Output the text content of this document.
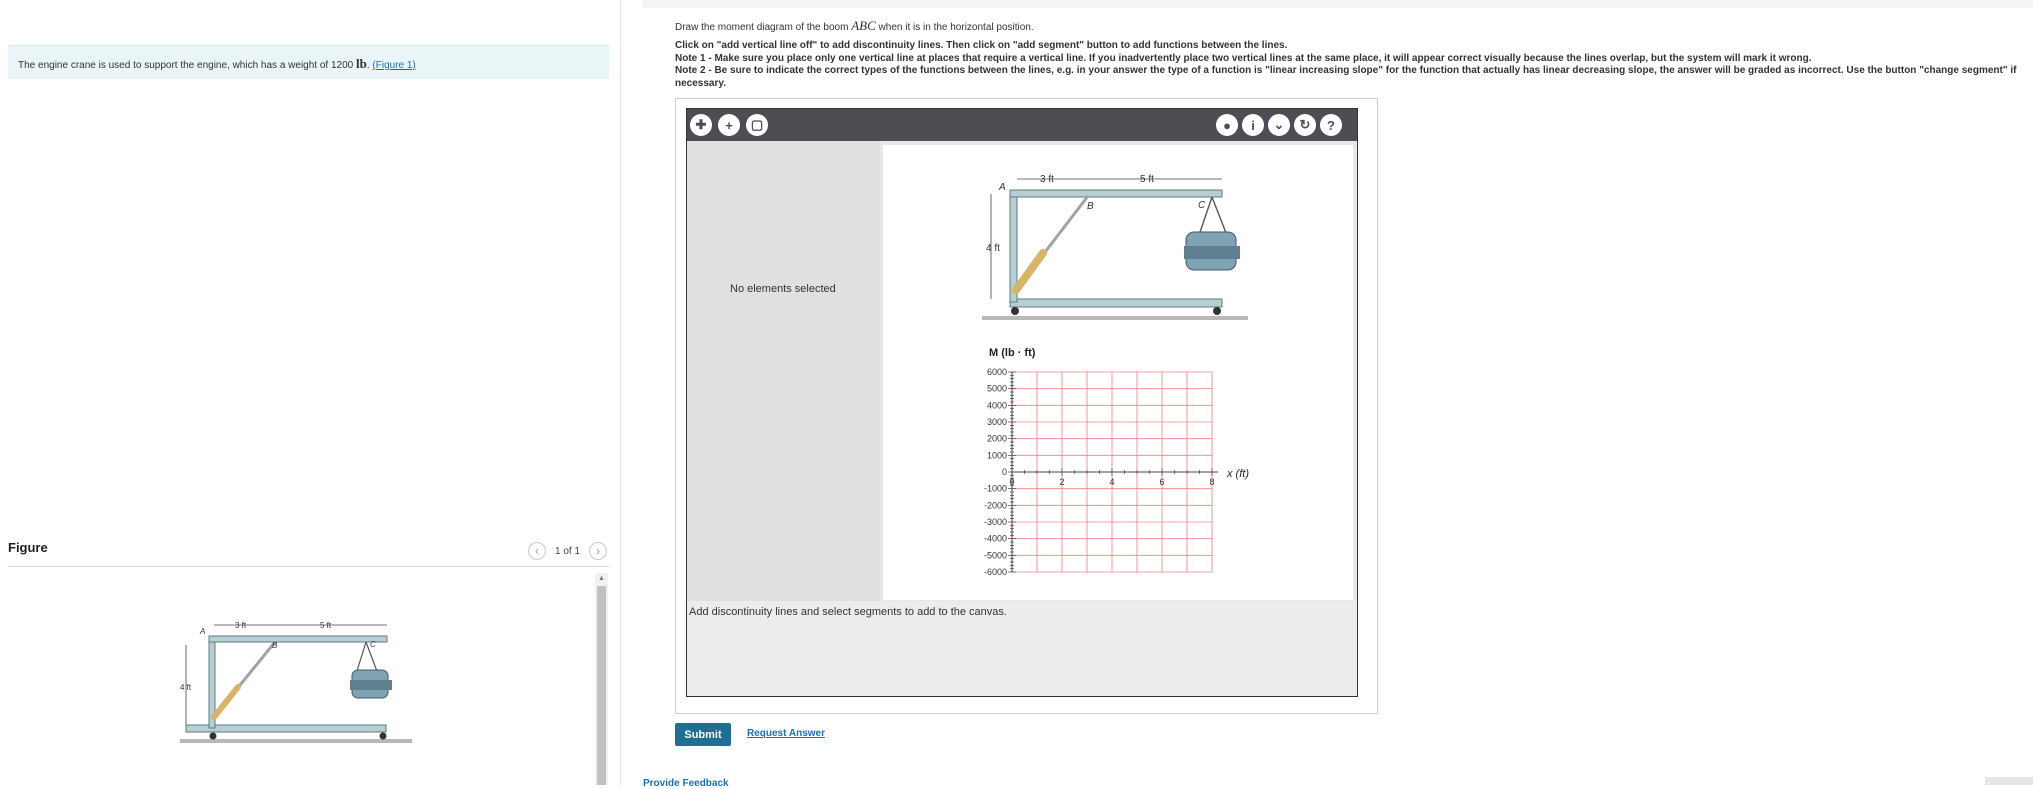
The engine crane is used to support the engine, which has a weight of 1200 lb. (Figure 1)
Figure	‹ 1 of 1 ›
4 ft
3 ft	5 ft
A
B	C
▲
Draw the moment diagram of the boom ABC when it is in the horizontal position.
Click on "add vertical line off" to add discontinuity lines. Then click on "add segment" button to add functions between the lines.
Note 1 - Make sure you place only one vertical line at places that require a vertical line. If you inadvertently place two vertical lines at the same place, it will appear correct visually because the lines overlap, but the system will mark it wrong.
Note 2 - Be sure to indicate the correct types of the functions between the lines, e.g. in your answer the type of a function is "linear increasing slope" for the function that actually has linear decreasing slope, the answer will be graded as incorrect. Use the button "change segment" if necessary.
✚ + ▢	● i ⌄ ↻ ?
No elements selected
4 ft
3 ft	5 ft
A
B	C
M (lb · ft)
x (ft)
6000
5000
4000
3000
2000
1000
0
-1000
-2000
-3000
-4000
-5000
-6000
0	2	4	6	8
Add discontinuity lines and select segments to add to the canvas.
Submit	Request Answer
Provide Feedback
